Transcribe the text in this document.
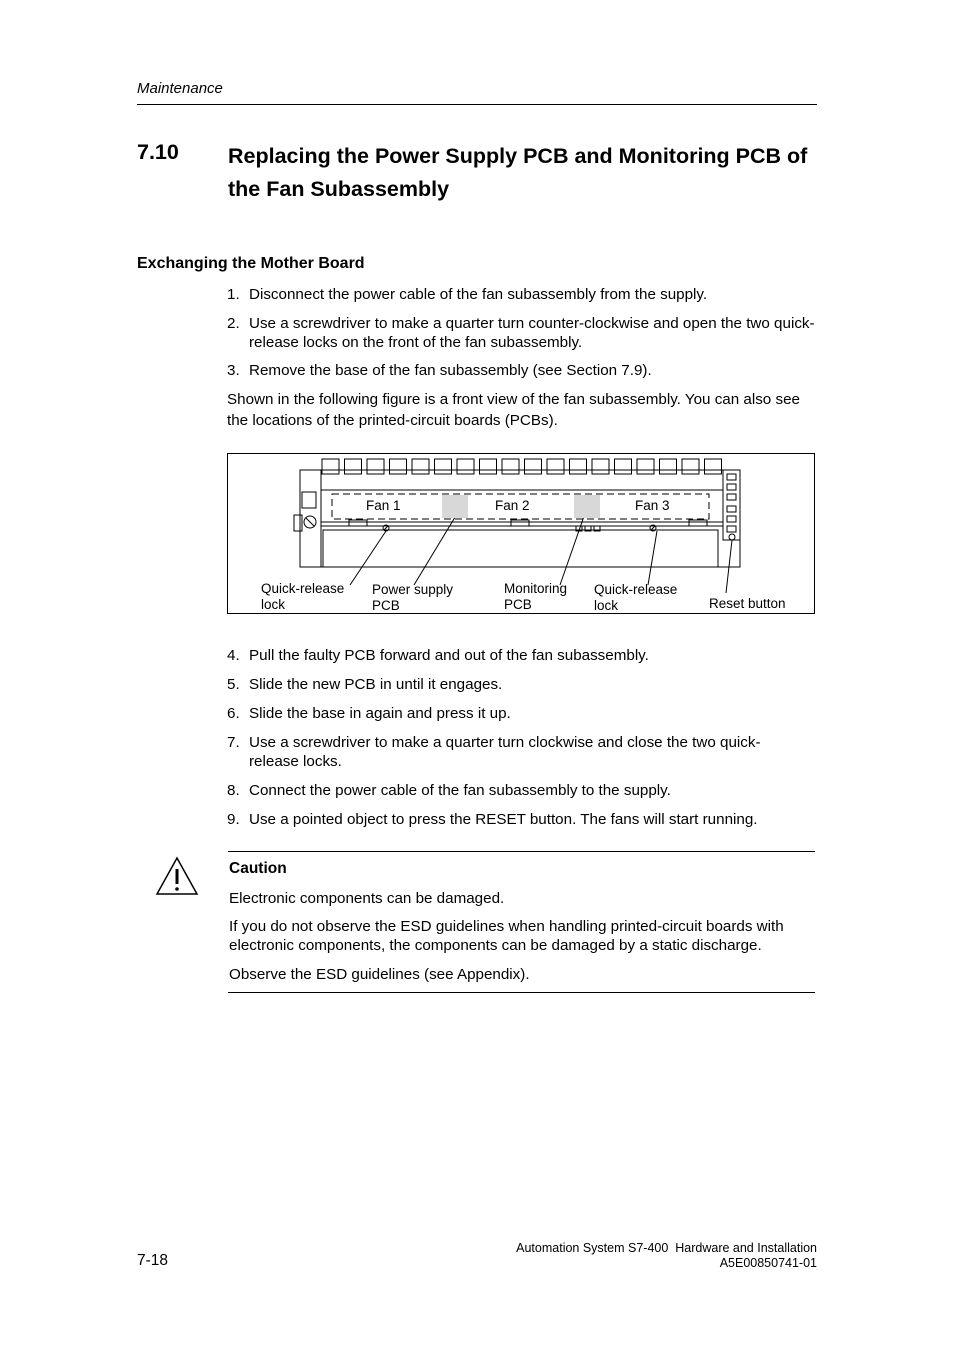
Maintenance
7.10 Replacing the Power Supply PCB and Monitoring PCB of the Fan Subassembly
Exchanging the Mother Board
1. Disconnect the power cable of the fan subassembly from the supply.
2. Use a screwdriver to make a quarter turn counter-clockwise and open the two quick-release locks on the front of the fan subassembly.
3. Remove the base of the fan subassembly (see Section 7.9).
Shown in the following figure is a front view of the fan subassembly. You can also see the locations of the printed-circuit boards (PCBs).
Fan 1	Fan 2	Fan 3
Quick-release
lock
Power supply
PCB
Monitoring
PCB
Quick-release
lock	Reset button
4. Pull the faulty PCB forward and out of the fan subassembly.
5. Slide the new PCB in until it engages.
6. Slide the base in again and press it up.
7. Use a screwdriver to make a quarter turn clockwise and close the two quick-release locks.
8. Connect the power cable of the fan subassembly to the supply.
9. Use a pointed object to press the RESET button. The fans will start running.
Caution
Electronic components can be damaged.
If you do not observe the ESD guidelines when handling printed-circuit boards with electronic components, the components can be damaged by a static discharge.
Observe the ESD guidelines (see Appendix).
7-18
Automation System S7-400  Hardware and Installation
A5E00850741-01
